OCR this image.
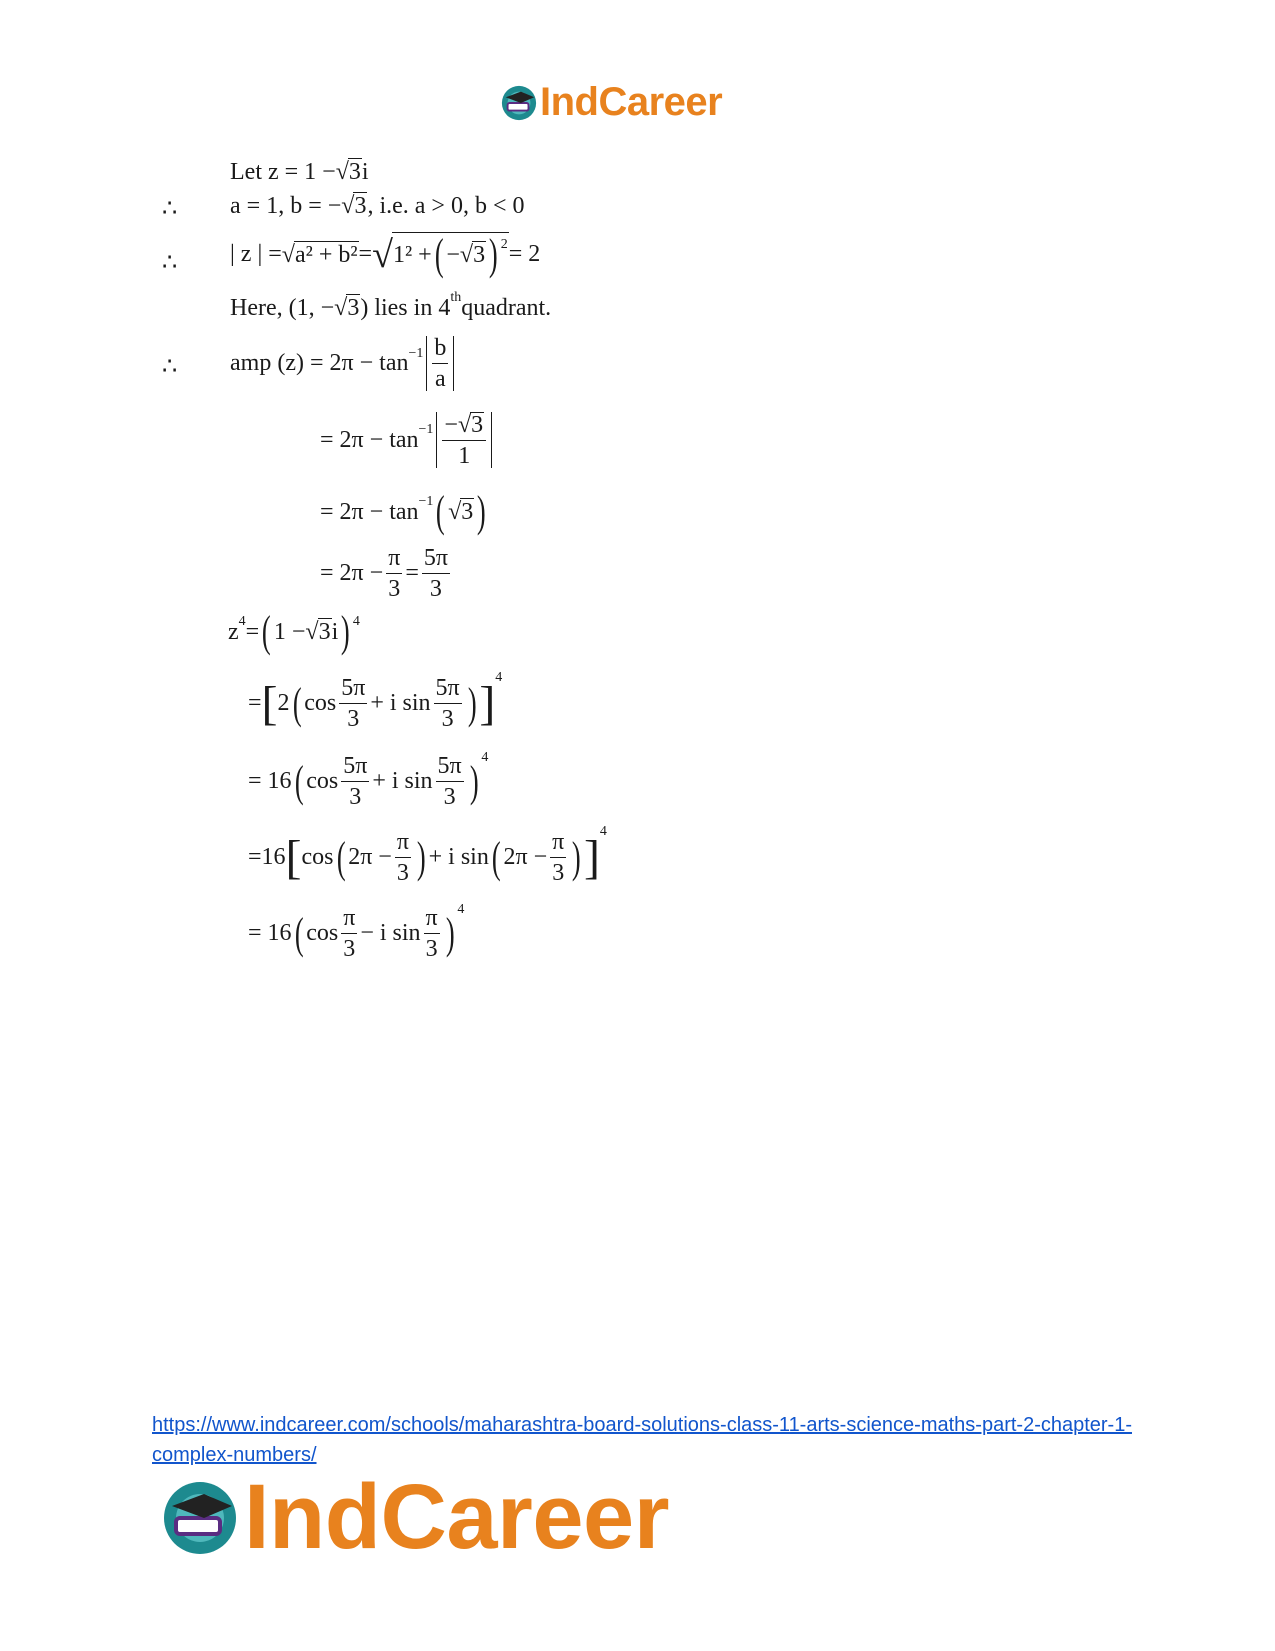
IndCareer
Let z = 1 − √ 3 i
∴ a = 1, b = − √ 3 , i.e. a > 0, b < 0
∴ | z | = √ a² + b² = √ 1² + ( − √ 3 ) 2 = 2
Here, (1, − √ 3 ) lies in 4 th quadrant.
∴ amp $(z) = 2\pi - \tan -1 \frac{b}{a}$
= $2\pi - \tan -1 \frac{- √ 3}{1}$
= 2π − tan −1 ( √ 3 )
= $2\pi - \frac{\pi}{3} = \frac{5\pi}{3}$
z 4 = ( 1 − √ 3 i ) 4
= [ 2 ( $\cos \frac{5\pi}{3} + i$ $\sin \frac{5\pi}{3}$ ) ] 4
= 16 ( $\cos \frac{5\pi}{3} + i$ $\sin \frac{5\pi}{3}$ ) 4
=16 [ cos ( $2\pi - \frac{\pi}{3}$ ) + i sin ( $2\pi - \frac{\pi}{3}$ ) ] 4
= 16 ( $\cos \frac{\pi}{3} - i$ $\sin \frac{\pi}{3}$ ) 4
https://www.indcareer.com/schools/maharashtra-board-solutions-class-11-arts-science-maths-part-2-chapter-1-complex-numbers/
IndCareer
